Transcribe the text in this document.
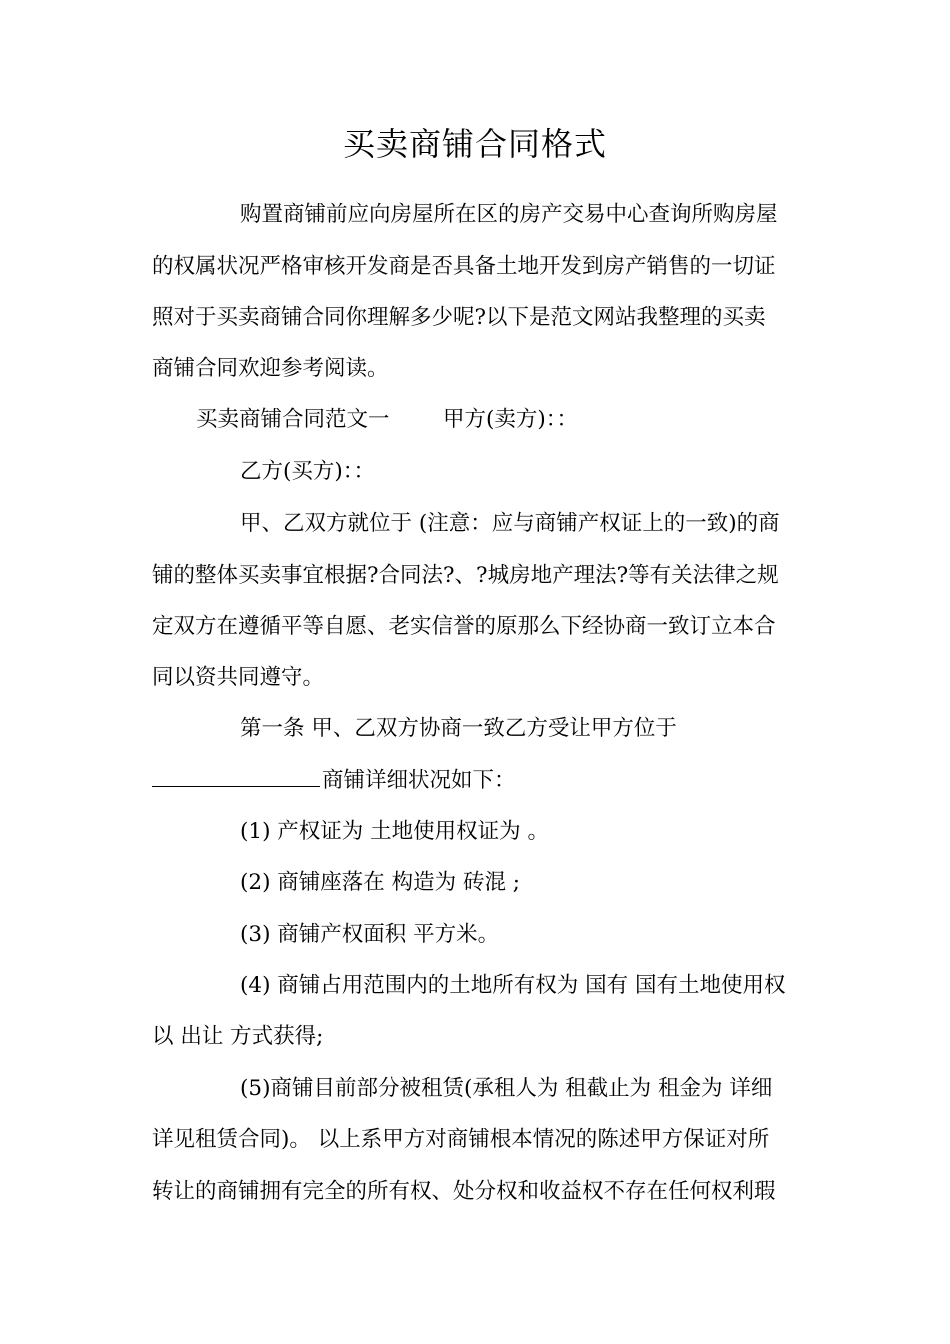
买卖商铺合同格式
购置商铺前应向房屋所在区的房产交易中心查询所购房屋
的权属状况严格审核开发商是否具备土地开发到房产销售的一切证
照对于买卖商铺合同你理解多少呢?以下是范文网站我整理的买卖
商铺合同欢迎参考阅读。
买卖商铺合同范文一 甲方(卖方)：：
乙方(买方)：：
甲、乙双方就位于 (注意：应与商铺产权证上的一致)的商
铺的整体买卖事宜根据?合同法?、?城房地产理法?等有关法律之规
定双方在遵循平等自愿、老实信誉的原那么下经协商一致订立本合
同以资共同遵守。
第一条 甲、乙双方协商一致乙方受让甲方位于
商铺详细状况如下：
(1) 产权证为 土地使用权证为 。
(2) 商铺座落在 构造为 砖混 ;
(3) 商铺产权面积 平方米。
(4) 商铺占用范围内的土地所有权为 国有 国有土地使用权
以 出让 方式获得;
(5)商铺目前部分被租赁(承租人为 租截止为 租金为 详细
详见租赁合同)。 以上系甲方对商铺根本情况的陈述甲方保证对所
转让的商铺拥有完全的所有权、处分权和收益权不存在任何权利瑕
